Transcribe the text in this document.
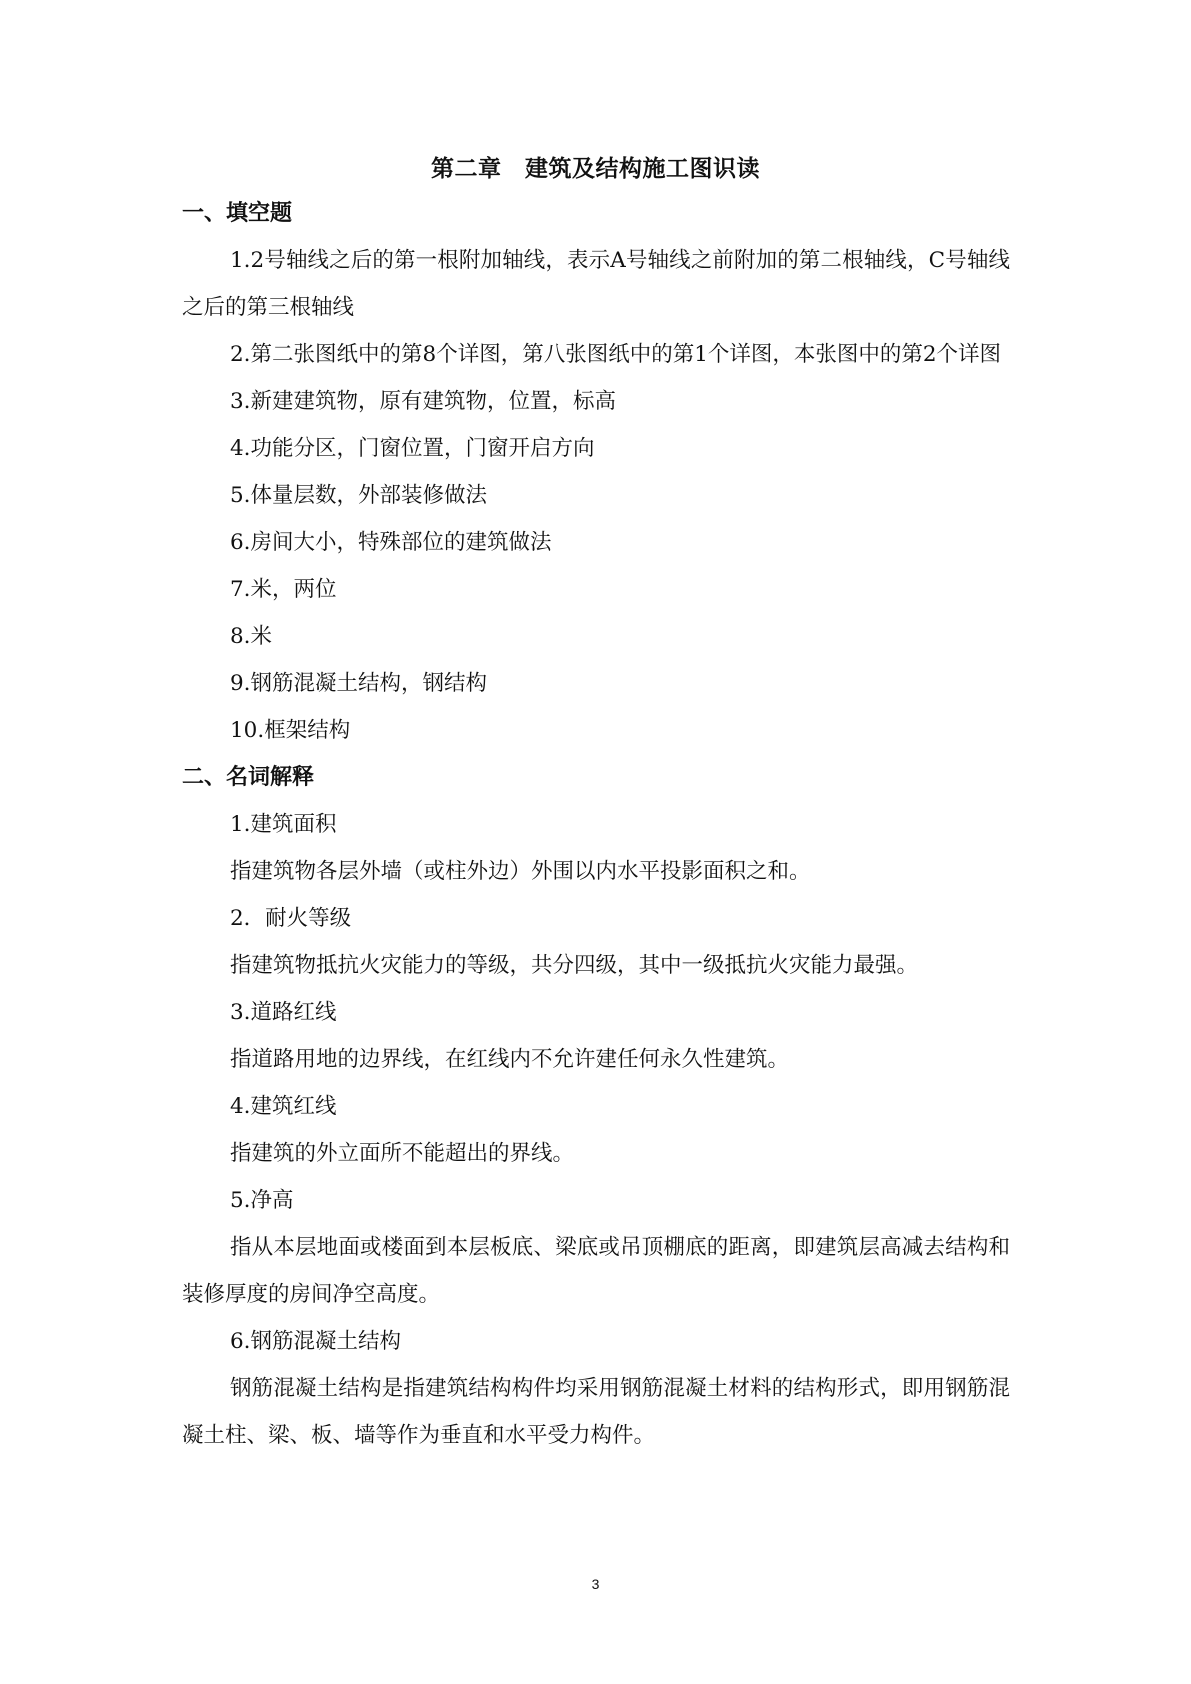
第二章　建筑及结构施工图识读
一、填空题

1.2号轴线之后的第一根附加轴线，表示A号轴线之前附加的第二根轴线，C号轴线之后的第三根轴线

2.第二张图纸中的第8个详图，第八张图纸中的第1个详图，本张图中的第2个详图

3.新建建筑物，原有建筑物，位置，标高

4.功能分区，门窗位置，门窗开启方向

5.体量层数，外部装修做法

6.房间大小，特殊部位的建筑做法

7.米，两位

8.米

9.钢筋混凝土结构，钢结构

10.框架结构

二、名词解释

1.建筑面积

指建筑物各层外墙（或柱外边）外围以内水平投影面积之和。

2．耐火等级

指建筑物抵抗火灾能力的等级，共分四级，其中一级抵抗火灾能力最强。

3.道路红线

指道路用地的边界线，在红线内不允许建任何永久性建筑。

4.建筑红线

指建筑的外立面所不能超出的界线。

5.净高

指从本层地面或楼面到本层板底、梁底或吊顶棚底的距离，即建筑层高减去结构和装修厚度的房间净空高度。

6.钢筋混凝土结构

钢筋混凝土结构是指建筑结构构件均采用钢筋混凝土材料的结构形式，即用钢筋混凝土柱、梁、板、墙等作为垂直和水平受力构件。

3
